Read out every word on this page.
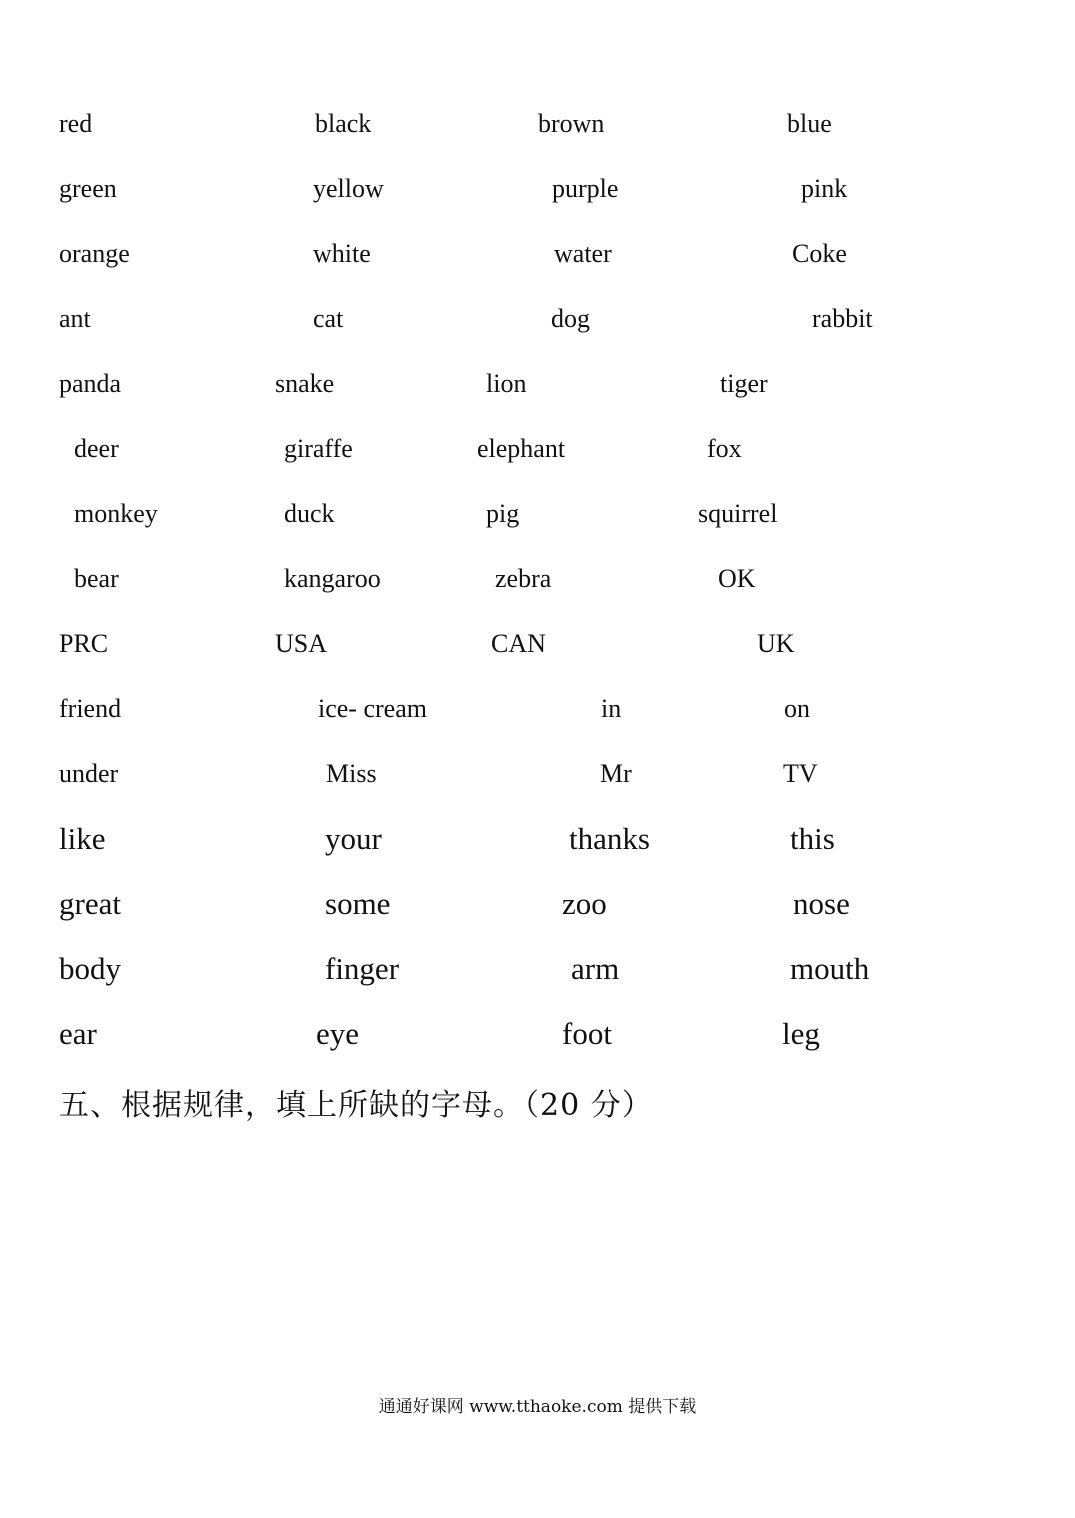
red	black	brown	blue
green	yellow	purple	pink
orange	white	water	Coke
ant	cat	dog	rabbit
panda	snake	lion	tiger
deer	giraffe	elephant	fox
monkey	duck	pig	squirrel
bear	kangaroo	zebra	OK
PRC	USA	CAN	UK
friend	ice- cream	in	on
under	Miss	Mr	TV
like	your	thanks	this
great	some	zoo	nose
body	finger	arm	mouth
ear	eye	foot	leg
五、根据规律，填上所缺的字母。（20 分）
通通好课网 www.tthaoke.com 提供下载
